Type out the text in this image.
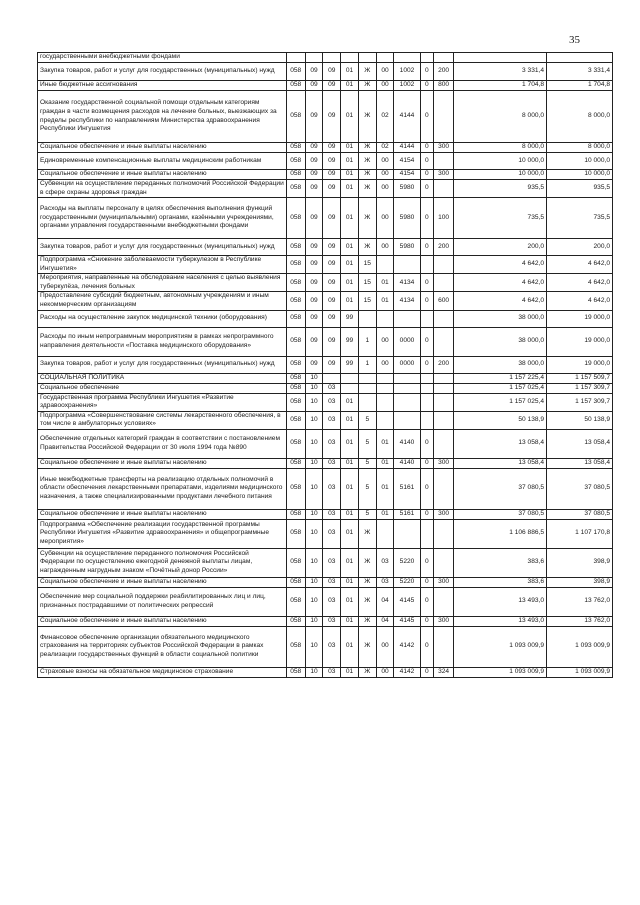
35
государственными внебюджетными фондами											
Закупка товаров, работ и услуг для государственных (муниципальных) нужд	058	09	09	01	Ж	00	1002	0	200	3 331,4	3 331,4
Иные бюджетные ассигнования	058	09	09	01	Ж	00	1002	0	800	1 704,8	1 704,8
Оказание государственной социальной помощи отдельным категориям граждан в части возмещения расходов на лечение больных, выезжающих за пределы республики по направлениям Министерства здравоохранения Республики Ингушетия	058	09	09	01	Ж	02	4144	0		8 000,0	8 000,0
Социальное обеспечение и иные выплаты населению	058	09	09	01	Ж	02	4144	0	300	8 000,0	8 000,0
Единовременные компенсационные выплаты медицинским работникам	058	09	09	01	Ж	00	4154	0		10 000,0	10 000,0
Социальное обеспечение и иные выплаты населению	058	09	09	01	Ж	00	4154	0	300	10 000,0	10 000,0
Субвенции на осуществление переданных полномочий Российской Федерации в сфере охраны здоровья граждан	058	09	09	01	Ж	00	5980	0		935,5	935,5
Расходы на выплаты персоналу в целях обеспечения выполнения функций государственными (муниципальными) органами, казёнными учреждениями, органами управления государственными внебюджетными фондами	058	09	09	01	Ж	00	5980	0	100	735,5	735,5
Закупка товаров, работ и услуг для государственных (муниципальных) нужд	058	09	09	01	Ж	00	5980	0	200	200,0	200,0
Подпрограмма «Снижение заболеваемости туберкулезом в Республике Ингушетия»	058	09	09	01	15					4 642,0	4 642,0
Мероприятия, направленные на обследование населения с целью выявления туберкулёза, лечения больных	058	09	09	01	15	01	4134	0		4 642,0	4 642,0
Предоставление субсидий бюджетным, автономным учреждениям и иным некоммерческим организациям	058	09	09	01	15	01	4134	0	600	4 642,0	4 642,0
Расходы на осуществление закупок медицинской техники (оборудования)	058	09	09	99						38 000,0	19 000,0
Расходы по иным непрограммным мероприятиям в рамках непрограммного направления деятельности «Поставка медицинского оборудования»	058	09	09	99	1	00	0000	0		38 000,0	19 000,0
Закупка товаров, работ и услуг для государственных (муниципальных) нужд	058	09	09	99	1	00	0000	0	200	38 000,0	19 000,0
СОЦИАЛЬНАЯ ПОЛИТИКА	058	10								1 157 225,4	1 157 509,7
Социальное обеспечение	058	10	03							1 157 025,4	1 157 309,7
Государственная программа Республики Ингушетия «Развитие здравоохранения»	058	10	03	01						1 157 025,4	1 157 309,7
Подпрограмма «Совершенствование системы лекарственного обеспечения, в том числе в амбулаторных условиях»	058	10	03	01	5					50 138,9	50 138,9
Обеспечение отдельных категорий граждан в соответствии с постановлением Правительства Российской Федерации от 30 июля 1994 года №890	058	10	03	01	5	01	4140	0		13 058,4	13 058,4
Социальное обеспечение и иные выплаты населению	058	10	03	01	5	01	4140	0	300	13 058,4	13 058,4
Иные межбюджетные трансферты на реализацию отдельных полномочий в области обеспечения лекарственными препаратами, изделиями медицинского назначения, а также специализированными продуктами лечебного питания	058	10	03	01	5	01	5161	0		37 080,5	37 080,5
Социальное обеспечение и иные выплаты населению	058	10	03	01	5	01	5161	0	300	37 080,5	37 080,5
Подпрограмма «Обеспечение реализации государственной программы Республики Ингушетия «Развитие здравоохранения» и общепрограммные мероприятия»	058	10	03	01	Ж					1 106 886,5	1 107 170,8
Субвенции на осуществление переданного полномочия Российской Федерации по осуществлению ежегодной денежной выплаты лицам, награжденным нагрудным знаком «Почётный донор России»	058	10	03	01	Ж	03	5220	0		383,6	398,9
Социальное обеспечение и иные выплаты населению	058	10	03	01	Ж	03	5220	0	300	383,6	398,9
Обеспечение мер социальной поддержки реабилитированных лиц и лиц, признанных пострадавшими от политических репрессий	058	10	03	01	Ж	04	4145	0		13 493,0	13 762,0
Социальное обеспечение и иные выплаты населению	058	10	03	01	Ж	04	4145	0	300	13 493,0	13 762,0
Финансовое обеспечение организации обязательного медицинского страхования на территориях субъектов Российской Федерации в рамках реализации государственных функций в области социальной политики	058	10	03	01	Ж	00	4142	0		1 093 009,9	1 093 009,9
Страховые взносы на обязательное медицинское страхование	058	10	03	01	Ж	00	4142	0	324	1 093 009,9	1 093 009,9
